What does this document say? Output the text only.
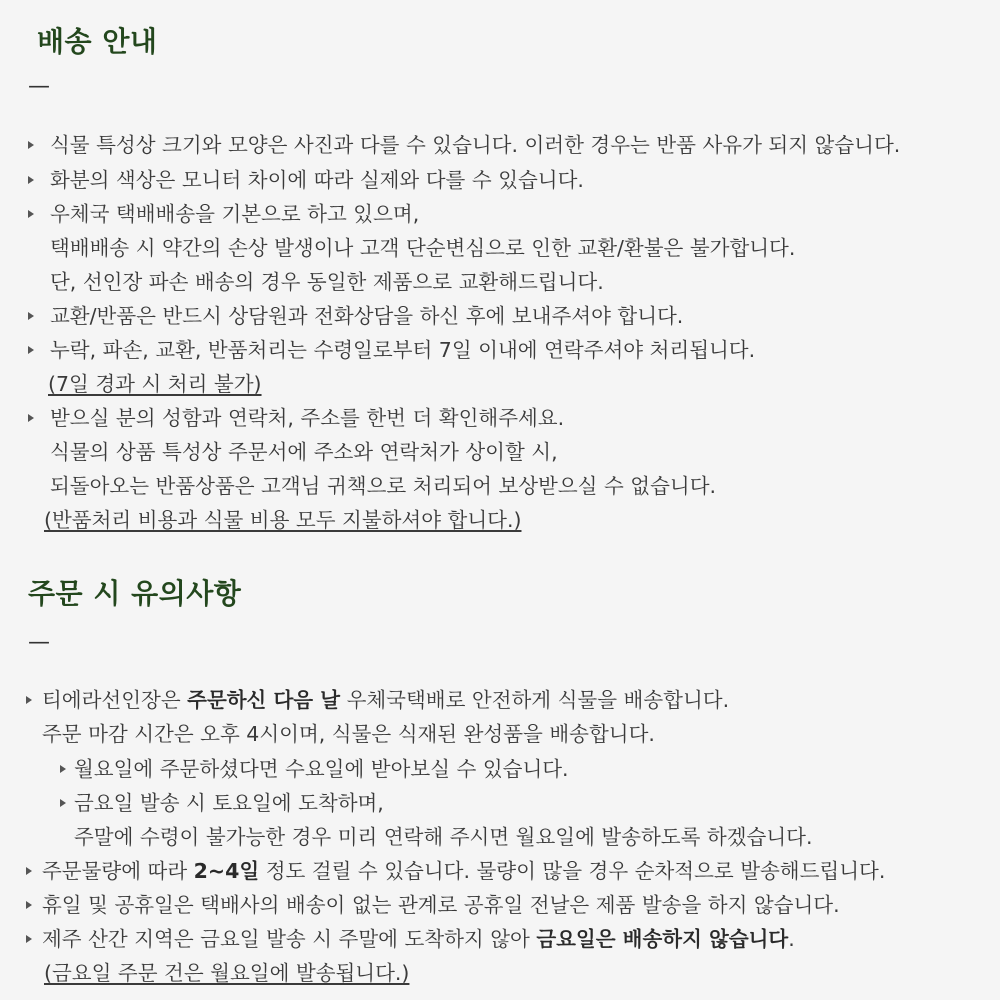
배송 안내
—
식물 특성상 크기와 모양은 사진과 다를 수 있습니다. 이러한 경우는 반품 사유가 되지 않습니다.
화분의 색상은 모니터 차이에 따라 실제와 다를 수 있습니다.
우체국 택배배송을 기본으로 하고 있으며,
택배배송 시 약간의 손상 발생이나 고객 단순변심으로 인한 교환/환불은 불가합니다.
단, 선인장 파손 배송의 경우 동일한 제품으로 교환해드립니다.
교환/반품은 반드시 상담원과 전화상담을 하신 후에 보내주셔야 합니다.
누락, 파손, 교환, 반품처리는 수령일로부터 7일 이내에 연락주셔야 처리됩니다.
(7일 경과 시 처리 불가)
받으실 분의 성함과 연락처, 주소를 한번 더 확인해주세요.
식물의 상품 특성상 주문서에 주소와 연락처가 상이할 시,
되돌아오는 반품상품은 고객님 귀책으로 처리되어 보상받으실 수 없습니다.
(반품처리 비용과 식물 비용 모두 지불하셔야 합니다.)
주문 시 유의사항
—
티에라선인장은 주문하신 다음 날 우체국택배로 안전하게 식물을 배송합니다.
주문 마감 시간은 오후 4시이며, 식물은 식재된 완성품을 배송합니다.
월요일에 주문하셨다면 수요일에 받아보실 수 있습니다.
금요일 발송 시 토요일에 도착하며,
주말에 수령이 불가능한 경우 미리 연락해 주시면 월요일에 발송하도록 하겠습니다.
주문물량에 따라 2~4일 정도 걸릴 수 있습니다. 물량이 많을 경우 순차적으로 발송해드립니다.
휴일 및 공휴일은 택배사의 배송이 없는 관계로 공휴일 전날은 제품 발송을 하지 않습니다.
제주 산간 지역은 금요일 발송 시 주말에 도착하지 않아 금요일은 배송하지 않습니다.
(금요일 주문 건은 월요일에 발송됩니다.)
